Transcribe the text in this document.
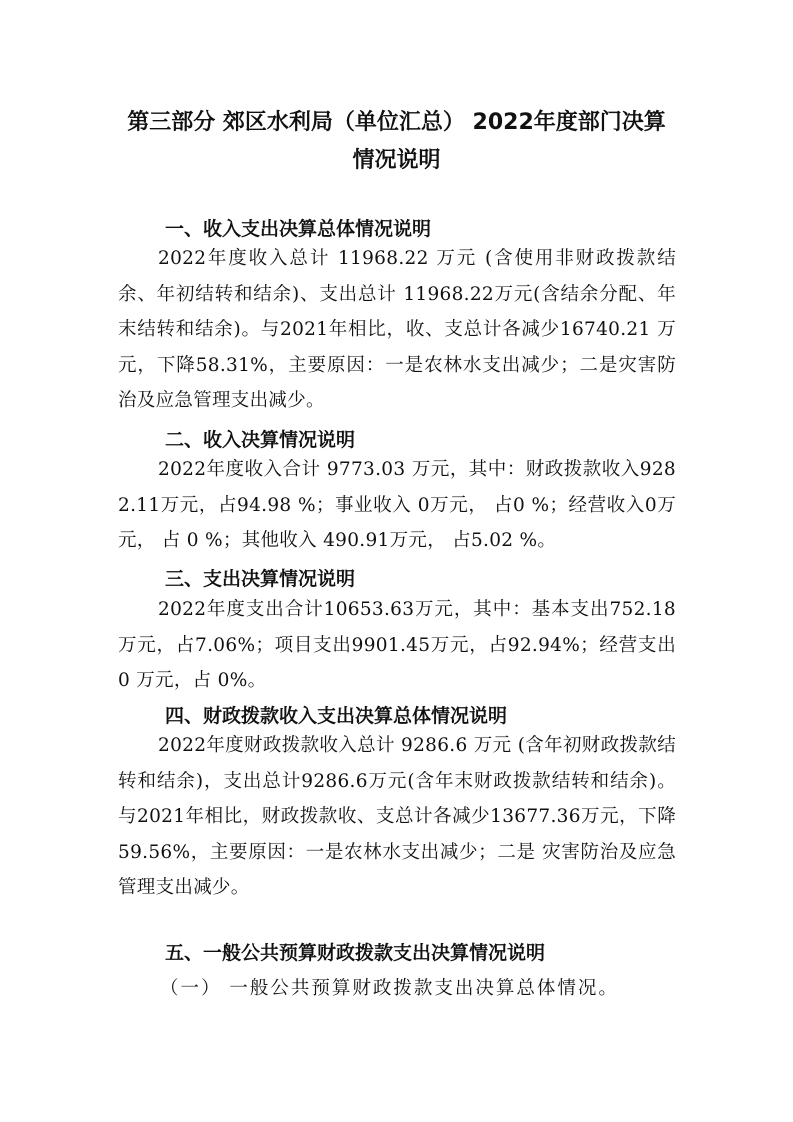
第三部分 郊区水利局（单位汇总） 2022年度部门决算
情况说明
一、收入支出决算总体情况说明
2022年度收入总计 11968.22 万元 (含使用非财政拨款结余、年初结转和结余)、支出总计 11968.22万元(含结余分配、年末结转和结余)。与2021年相比，收、支总计各减少16740.21 万元，下降58.31%，主要原因：一是农林水支出减少；二是灾害防治及应急管理支出减少。
二、收入决算情况说明
2022年度收入合计 9773.03 万元，其中：财政拨款收入9282.11万元，占94.98 %；事业收入 0万元， 占0 %；经营收入0万元， 占 0 %；其他收入 490.91万元， 占5.02 %。
三、支出决算情况说明
2022年度支出合计10653.63万元，其中：基本支出752.18万元，占7.06%；项目支出9901.45万元，占92.94%；经营支出 0 万元，占 0%。
四、财政拨款收入支出决算总体情况说明
2022年度财政拨款收入总计 9286.6 万元 (含年初财政拨款结转和结余)，支出总计9286.6万元(含年末财政拨款结转和结余)。与2021年相比，财政拨款收、支总计各减少13677.36万元，下降59.56%，主要原因：一是农林水支出减少；二是 灾害防治及应急管理支出减少。
五、一般公共预算财政拨款支出决算情况说明
（一） 一般公共预算财政拨款支出决算总体情况。
